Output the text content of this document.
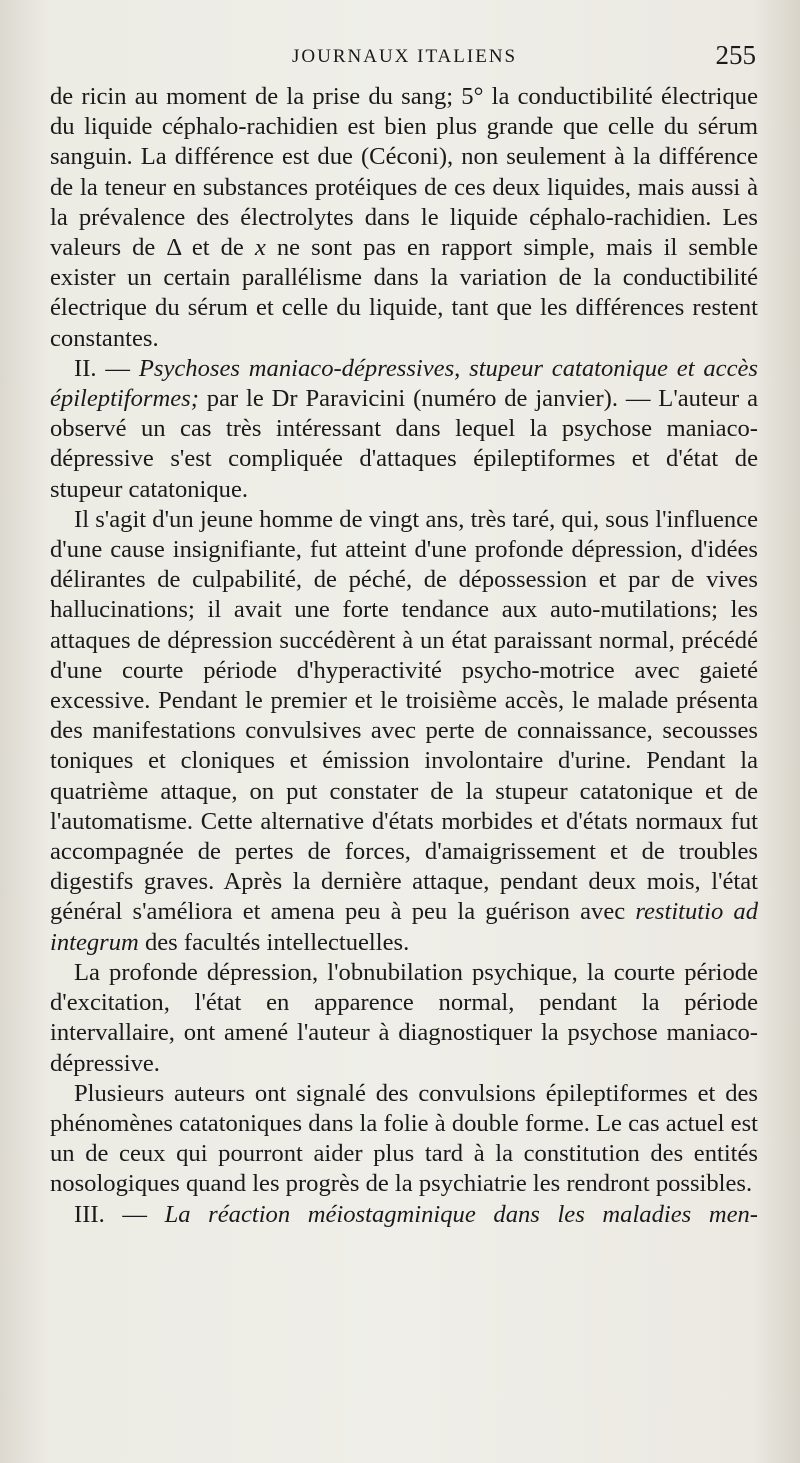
JOURNAUX ITALIENS	255

de ricin au moment de la prise du sang; 5° la conductibilité électrique du liquide céphalo-rachidien est bien plus grande que celle du sérum sanguin. La différence est due (Céconi), non seulement à la différence de la teneur en substances protéiques de ces deux liquides, mais aussi à la prévalence des électrolytes dans le liquide céphalo-rachidien. Les valeurs de Δ et de x ne sont pas en rapport simple, mais il semble exister un certain parallélisme dans la variation de la conductibilité électrique du sérum et celle du liquide, tant que les différences restent constantes.

II. — Psychoses maniaco-dépressives, stupeur catatonique et accès épileptiformes; par le Dr Paravicini (numéro de janvier). — L'auteur a observé un cas très intéressant dans lequel la psychose maniaco-dépressive s'est compliquée d'attaques épileptiformes et d'état de stupeur catatonique.

Il s'agit d'un jeune homme de vingt ans, très taré, qui, sous l'influence d'une cause insignifiante, fut atteint d'une profonde dépression, d'idées délirantes de culpabilité, de péché, de dépossession et par de vives hallucinations; il avait une forte tendance aux auto-mutilations; les attaques de dépression succédèrent à un état paraissant normal, précédé d'une courte période d'hyperactivité psycho-motrice avec gaieté excessive. Pendant le premier et le troisième accès, le malade présenta des manifestations convulsives avec perte de connaissance, secousses toniques et cloniques et émission involontaire d'urine. Pendant la quatrième attaque, on put constater de la stupeur catatonique et de l'automatisme. Cette alternative d'états morbides et d'états normaux fut accompagnée de pertes de forces, d'amaigrissement et de troubles digestifs graves. Après la dernière attaque, pendant deux mois, l'état général s'améliora et amena peu à peu la guérison avec restitutio ad integrum des facultés intellectuelles.

La profonde dépression, l'obnubilation psychique, la courte période d'excitation, l'état en apparence normal, pendant la période intervallaire, ont amené l'auteur à diagnostiquer la psychose maniaco-dépressive.

Plusieurs auteurs ont signalé des convulsions épileptiformes et des phénomènes catatoniques dans la folie à double forme. Le cas actuel est un de ceux qui pourront aider plus tard à la constitution des entités nosologiques quand les progrès de la psychiatrie les rendront possibles.

III. — La réaction méiostagminique dans les maladies men-
